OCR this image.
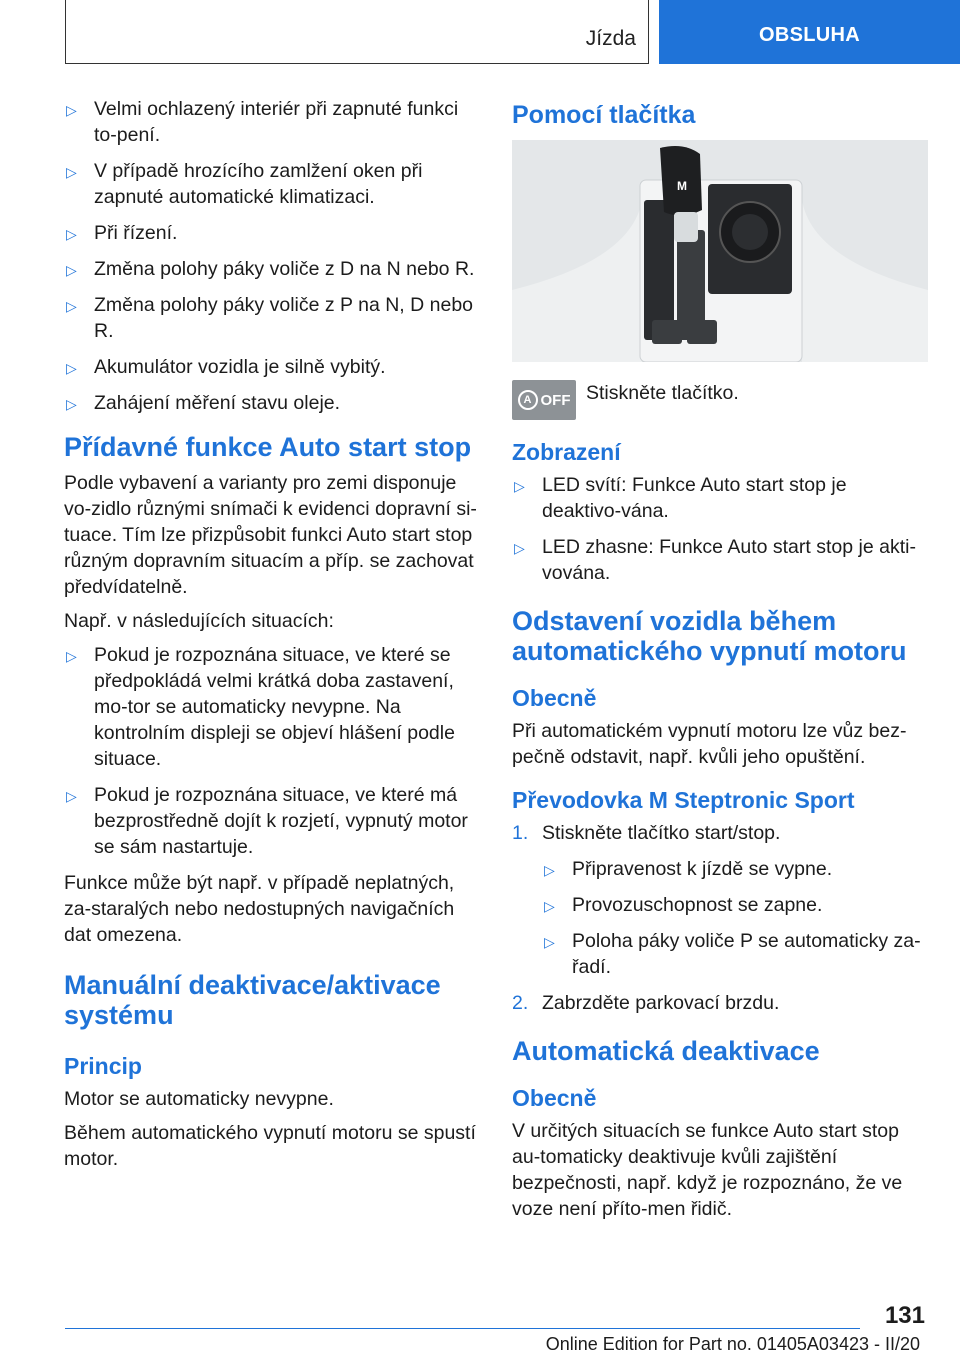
Jízda	OBSLUHA
▷ Velmi ochlazený interiér při zapnuté funkci to-pení.
▷ V případě hrozícího zamlžení oken při zapnuté automatické klimatizaci.
▷ Při řízení.
▷ Změna polohy páky voliče z D na N nebo R.
▷ Změna polohy páky voliče z P na N, D nebo R.
▷ Akumulátor vozidla je silně vybitý.
▷ Zahájení měření stavu oleje.
Přídavné funkce Auto start stop

Podle vybavení a varianty pro zemi disponuje vo-zidlo různými snímači k evidenci dopravní si-tuace. Tím lze přizpůsobit funkci Auto start stop různým dopravním situacím a příp. se zachovat předvídatelně.

Např. v následujících situacích:

▷ Pokud je rozpoznána situace, ve které se předpokládá velmi krátká doba zastavení, mo-tor se automaticky nevypne. Na kontrolním displeji se objeví hlášení podle situace.
▷ Pokud je rozpoznána situace, ve které má bezprostředně dojít k rozjetí, vypnutý motor se sám nastartuje.

Funkce může být např. v případě neplatných, za-staralých nebo nedostupných navigačních dat omezena.

Manuální deaktivace/aktivace systému
Princip

Motor se automaticky nevypne.

Během automatického vypnutí motoru se spustí motor.

Pomocí tlačítka
M
A OFF Stiskněte tlačítko.

Zobrazení
▷ LED svítí: Funkce Auto start stop je deaktivo-vána.
▷ LED zhasne: Funkce Auto start stop je akti-vována.
Odstavení vozidla během automatického vypnutí motoru
Obecně

Při automatickém vypnutí motoru lze vůz bez-pečně odstavit, např. kvůli jeho opuštění.

Převodovka M Steptronic Sport
1. Stiskněte tlačítko start/stop.
▷ Připravenost k jízdě se vypne.
▷ Provozuschopnost se zapne.
▷ Poloha páky voliče P se automaticky za-řadí.
2. Zabrzděte parkovací brzdu.
Automatická deaktivace
Obecně

V určitých situacích se funkce Auto start stop au-tomaticky deaktivuje kvůli zajištění bezpečnosti, např. když je rozpoznáno, že ve voze není přítо-men řidič.

131
Online Edition for Part no. 01405A03423 - II/20
